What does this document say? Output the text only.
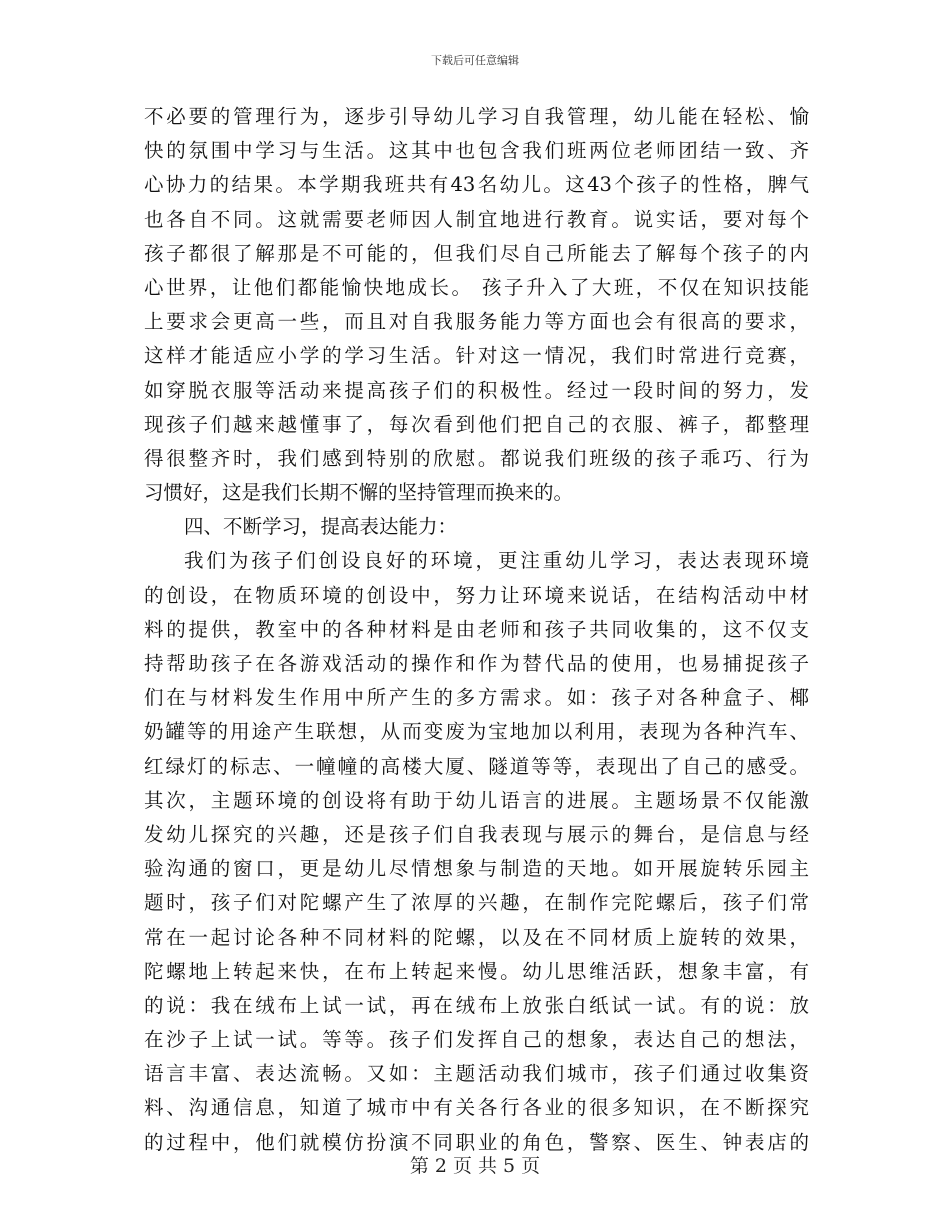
下载后可任意编辑
不必要的管理行为，逐步引导幼儿学习自我管理，幼儿能在轻松、愉
快的氛围中学习与生活。这其中也包含我们班两位老师团结一致、齐
心协力的结果。本学期我班共有43名幼儿。这43个孩子的性格，脾气
也各自不同。这就需要老师因人制宜地进行教育。说实话，要对每个
孩子都很了解那是不可能的，但我们尽自己所能去了解每个孩子的内
心世界，让他们都能愉快地成长。 孩子升入了大班，不仅在知识技能
上要求会更高一些，而且对自我服务能力等方面也会有很高的要求，
这样才能适应小学的学习生活。针对这一情况，我们时常进行竞赛，
如穿脱衣服等活动来提高孩子们的积极性。经过一段时间的努力，发
现孩子们越来越懂事了，每次看到他们把自己的衣服、裤子，都整理
得很整齐时，我们感到特别的欣慰。都说我们班级的孩子乖巧、行为
习惯好，这是我们长期不懈的坚持管理而换来的。
四、不断学习，提高表达能力：
我们为孩子们创设良好的环境，更注重幼儿学习，表达表现环境
的创设，在物质环境的创设中，努力让环境来说话，在结构活动中材
料的提供，教室中的各种材料是由老师和孩子共同收集的，这不仅支
持帮助孩子在各游戏活动的操作和作为替代品的使用，也易捕捉孩子
们在与材料发生作用中所产生的多方需求。如：孩子对各种盒子、椰
奶罐等的用途产生联想，从而变废为宝地加以利用，表现为各种汽车、
红绿灯的标志、一幢幢的高楼大厦、隧道等等，表现出了自己的感受。
其次，主题环境的创设将有助于幼儿语言的进展。主题场景不仅能激
发幼儿探究的兴趣，还是孩子们自我表现与展示的舞台，是信息与经
验沟通的窗口，更是幼儿尽情想象与制造的天地。如开展旋转乐园主
题时，孩子们对陀螺产生了浓厚的兴趣，在制作完陀螺后，孩子们常
常在一起讨论各种不同材料的陀螺，以及在不同材质上旋转的效果，
陀螺地上转起来快，在布上转起来慢。幼儿思维活跃，想象丰富，有
的说：我在绒布上试一试，再在绒布上放张白纸试一试。有的说：放
在沙子上试一试。等等。孩子们发挥自己的想象，表达自己的想法，
语言丰富、表达流畅。又如：主题活动我们城市，孩子们通过收集资
料、沟通信息，知道了城市中有关各行各业的很多知识，在不断探究
的过程中，他们就模仿扮演不同职业的角色，警察、医生、钟表店的
第 2 页 共 5 页
